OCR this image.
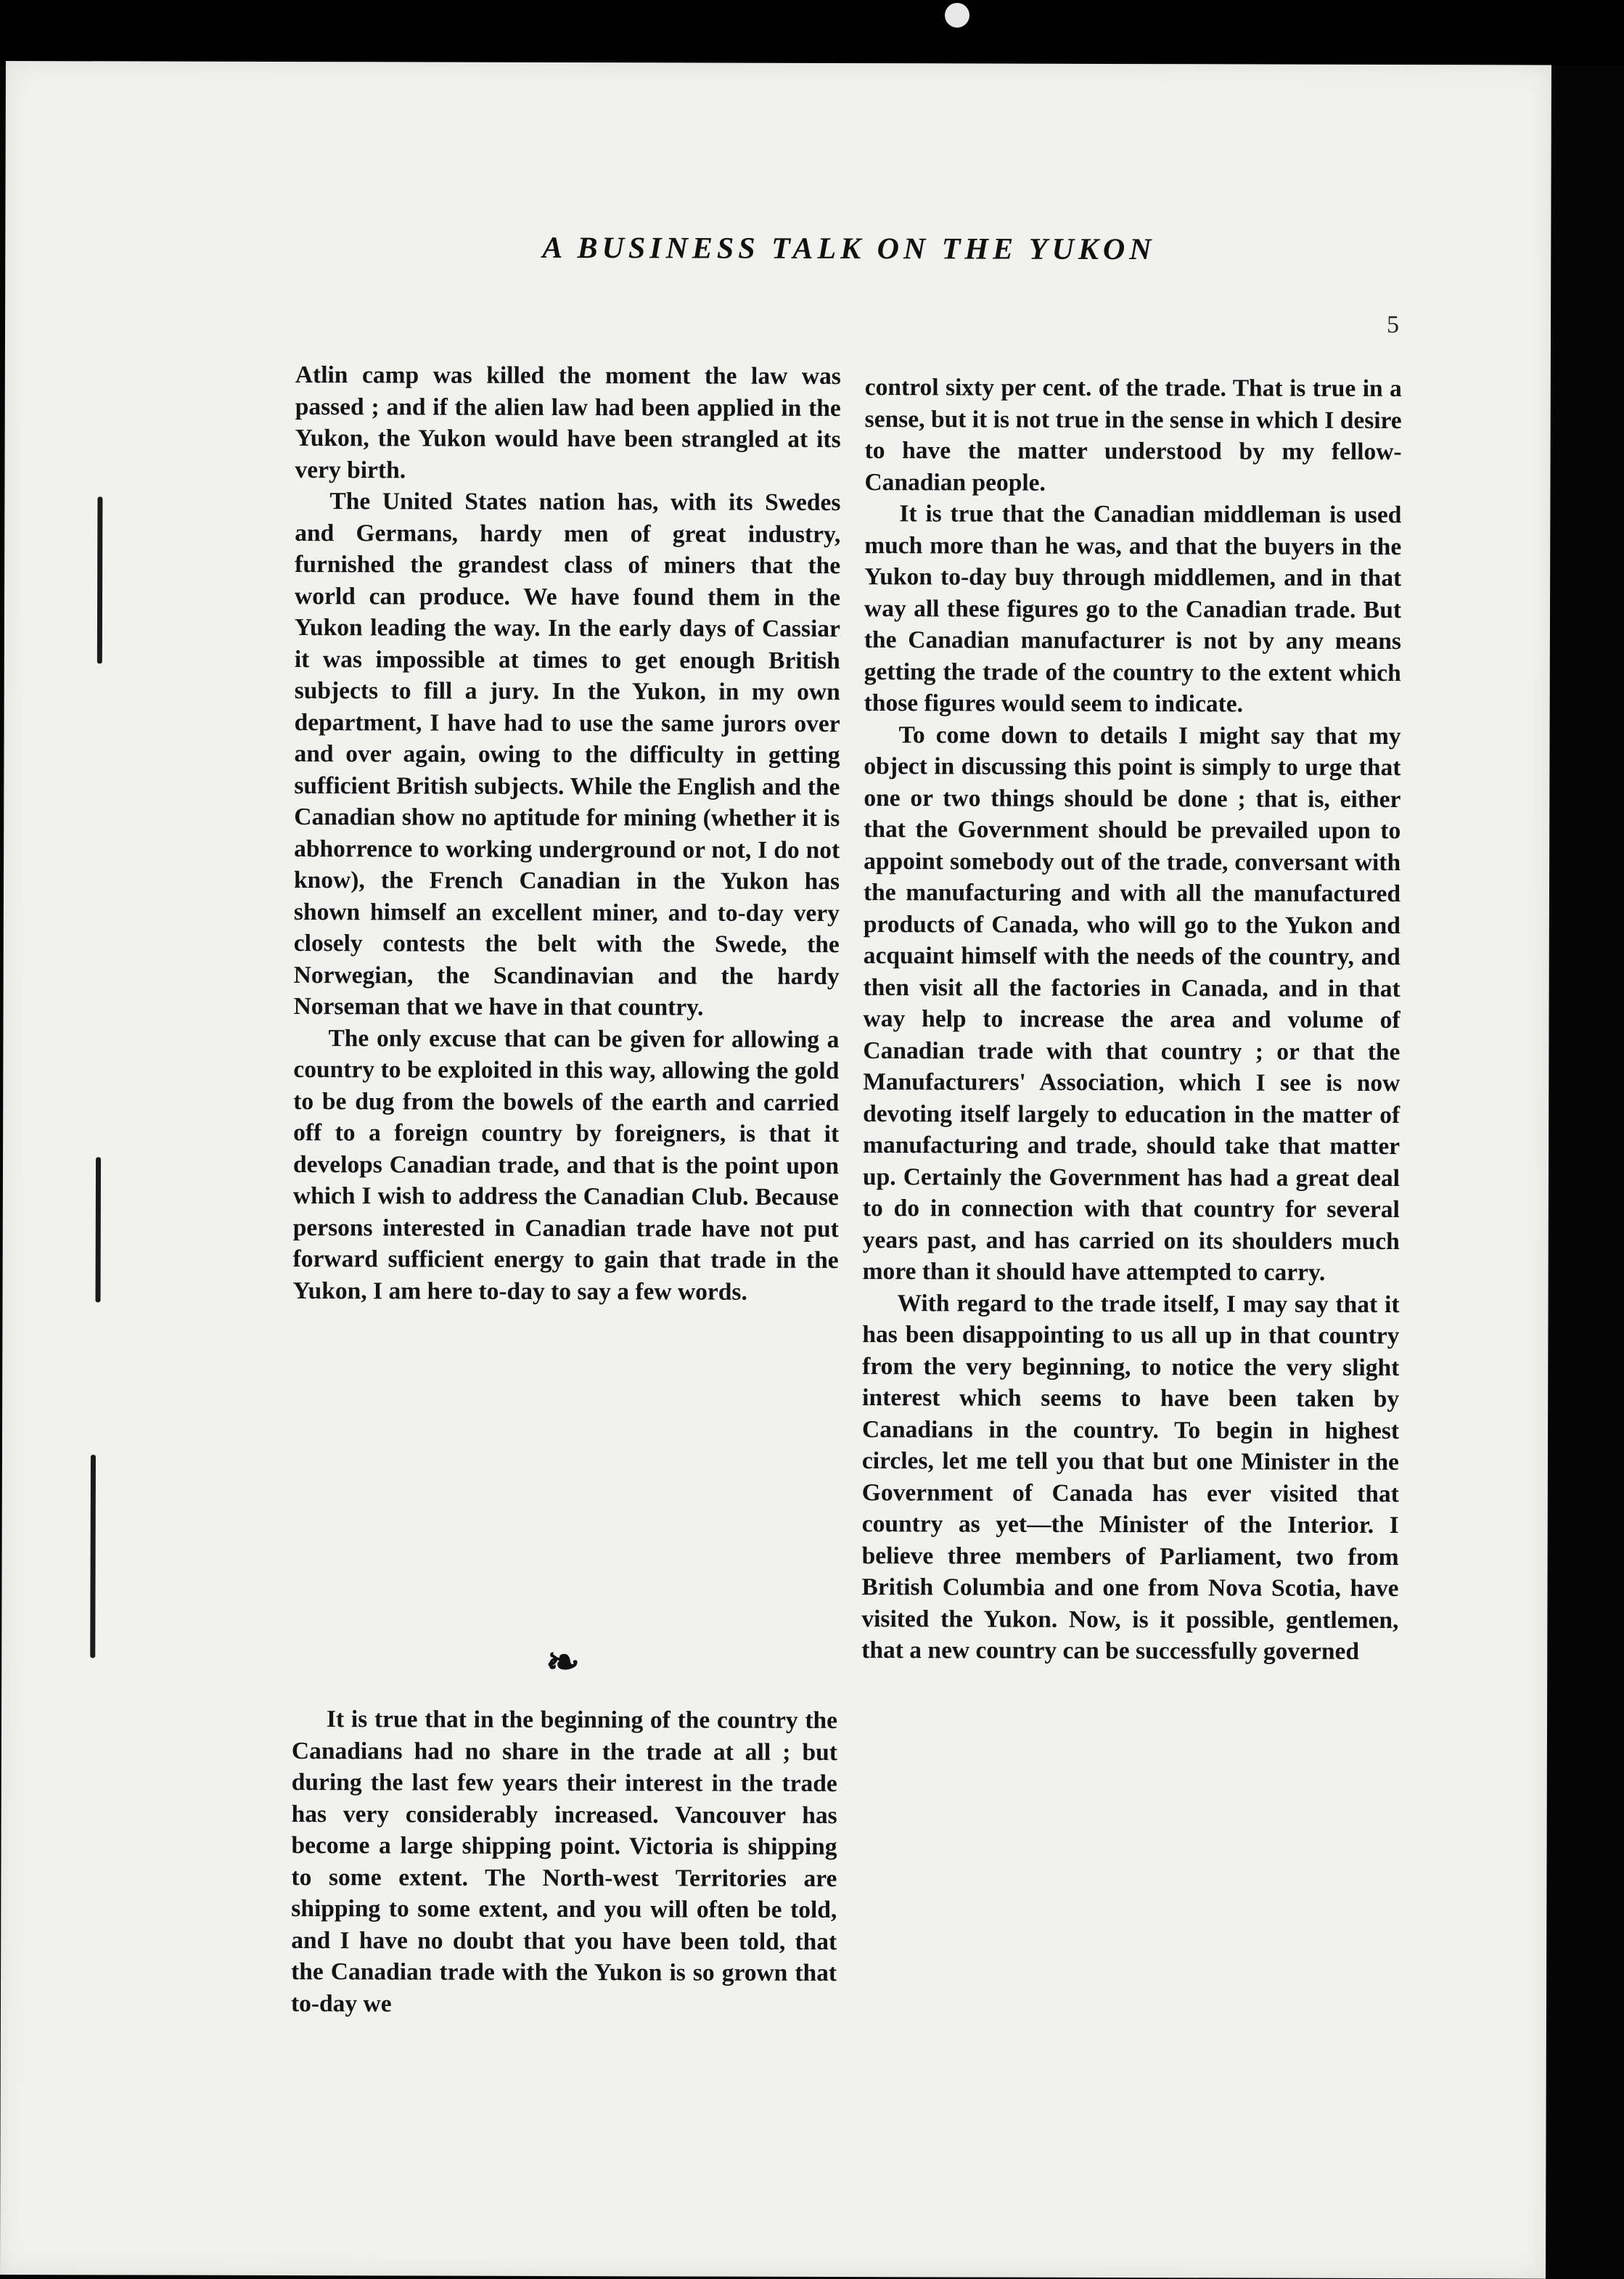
A BUSINESS TALK ON THE YUKON
5

Atlin camp was killed the moment the law was passed ; and if the alien law had been applied in the Yukon, the Yukon would have been strangled at its very birth.

The United States nation has, with its Swedes and Germans, hardy men of great industry, furnished the grandest class of miners that the world can produce. We have found them in the Yukon leading the way. In the early days of Cassiar it was impossible at times to get enough British subjects to fill a jury. In the Yukon, in my own department, I have had to use the same jurors over and over again, owing to the difficulty in getting sufficient British subjects. While the English and the Canadian show no aptitude for mining (whether it is abhorrence to working underground or not, I do not know), the French Canadian in the Yukon has shown himself an excellent miner, and to-day very closely contests the belt with the Swede, the Norwegian, the Scandinavian and the hardy Norseman that we have in that country.

The only excuse that can be given for allowing a country to be exploited in this way, allowing the gold to be dug from the bowels of the earth and carried off to a foreign country by foreigners, is that it develops Canadian trade, and that is the point upon which I wish to address the Canadian Club. Because persons interested in Canadian trade have not put forward sufficient energy to gain that trade in the Yukon, I am here to-day to say a few words.

❧

It is true that in the beginning of the country the Canadians had no share in the trade at all ; but during the last few years their interest in the trade has very considerably increased. Vancouver has become a large shipping point. Victoria is shipping to some extent. The North-west Territories are shipping to some extent, and you will often be told, and I have no doubt that you have been told, that the Canadian trade with the Yukon is so grown that to-day we

control sixty per cent. of the trade. That is true in a sense, but it is not true in the sense in which I desire to have the matter understood by my fellow-Canadian people.

It is true that the Canadian middleman is used much more than he was, and that the buyers in the Yukon to-day buy through middlemen, and in that way all these figures go to the Canadian trade. But the Canadian manufacturer is not by any means getting the trade of the country to the extent which those figures would seem to indicate.

To come down to details I might say that my object in discussing this point is simply to urge that one or two things should be done ; that is, either that the Government should be prevailed upon to appoint somebody out of the trade, conversant with the manufacturing and with all the manufactured products of Canada, who will go to the Yukon and acquaint himself with the needs of the country, and then visit all the factories in Canada, and in that way help to increase the area and volume of Canadian trade with that country ; or that the Manufacturers' Association, which I see is now devoting itself largely to education in the matter of manufacturing and trade, should take that matter up. Certainly the Government has had a great deal to do in connection with that country for several years past, and has carried on its shoulders much more than it should have attempted to carry.

With regard to the trade itself, I may say that it has been disappointing to us all up in that country from the very beginning, to notice the very slight interest which seems to have been taken by Canadians in the country. To begin in highest circles, let me tell you that but one Minister in the Government of Canada has ever visited that country as yet—the Minister of the Interior. I believe three members of Parliament, two from British Columbia and one from Nova Scotia, have visited the Yukon. Now, is it possible, gentlemen, that a new country can be successfully governed
